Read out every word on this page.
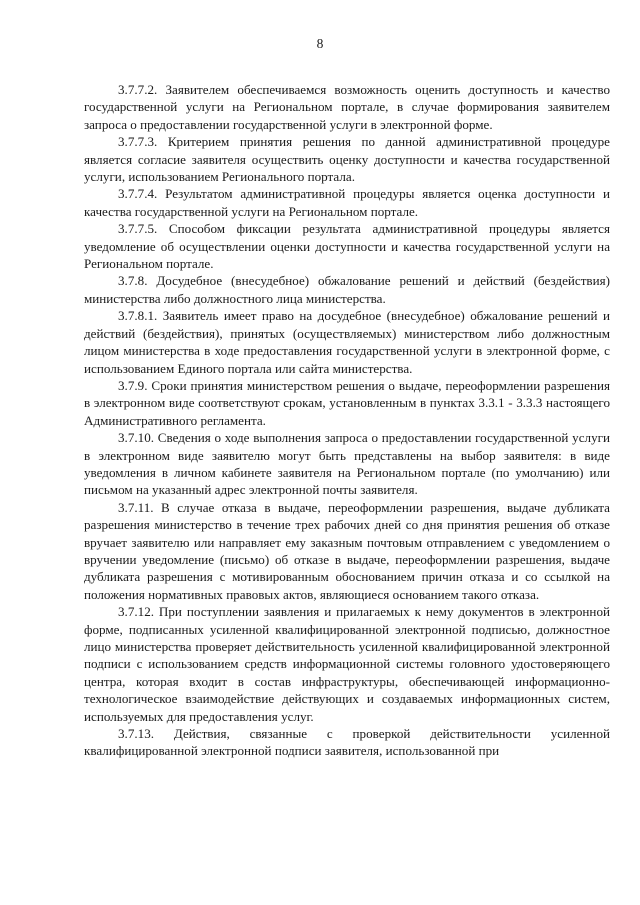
8

3.7.7.2. Заявителем обеспечиваемся возможность оценить доступность и качество государственной услуги на Региональном портале, в случае формирования заявителем запроса о предоставлении государственной услуги в электронной форме.

3.7.7.3. Критерием принятия решения по данной административной процедуре является согласие заявителя осуществить оценку доступности и качества государственной услуги, использованием Регионального портала.

3.7.7.4. Результатом административной процедуры является оценка доступности и качества государственной услуги на Региональном портале.

3.7.7.5. Способом фиксации результата административной процедуры является уведомление об осуществлении оценки доступности и качества государственной услуги на Региональном портале.

3.7.8. Досудебное (внесудебное) обжалование решений и действий (бездействия) министерства либо должностного лица министерства.

3.7.8.1. Заявитель имеет право на досудебное (внесудебное) обжалование решений и действий (бездействия), принятых (осуществляемых) министерством либо должностным лицом министерства в ходе предоставления государственной услуги в электронной форме, с использованием Единого портала или сайта министерства.

3.7.9. Сроки принятия министерством решения о выдаче, переоформлении разрешения в электронном виде соответствуют срокам, установленным в пунктах 3.3.1 - 3.3.3 настоящего Административного регламента.

3.7.10. Сведения о ходе выполнения запроса о предоставлении государственной услуги в электронном виде заявителю могут быть представлены на выбор заявителя: в виде уведомления в личном кабинете заявителя на Региональном портале (по умолчанию) или письмом на указанный адрес электронной почты заявителя.

3.7.11. В случае отказа в выдаче, переоформлении разрешения, выдаче дубликата разрешения министерство в течение трех рабочих дней со дня принятия решения об отказе вручает заявителю или направляет ему заказным почтовым отправлением с уведомлением о вручении уведомление (письмо) об отказе в выдаче, переоформлении разрешения, выдаче дубликата разрешения с мотивированным обоснованием причин отказа и со ссылкой на положения нормативных правовых актов, являющиеся основанием такого отказа.

3.7.12. При поступлении заявления и прилагаемых к нему документов в электронной форме, подписанных усиленной квалифицированной электронной подписью, должностное лицо министерства проверяет действительность усиленной квалифицированной электронной подписи с использованием средств информационной системы головного удостоверяющего центра, которая входит в состав инфраструктуры, обеспечивающей информационно-технологическое взаимодействие действующих и создаваемых информационных систем, используемых для предоставления услуг.

3.7.13. Действия, связанные с проверкой действительности усиленной квалифицированной электронной подписи заявителя, использованной при
